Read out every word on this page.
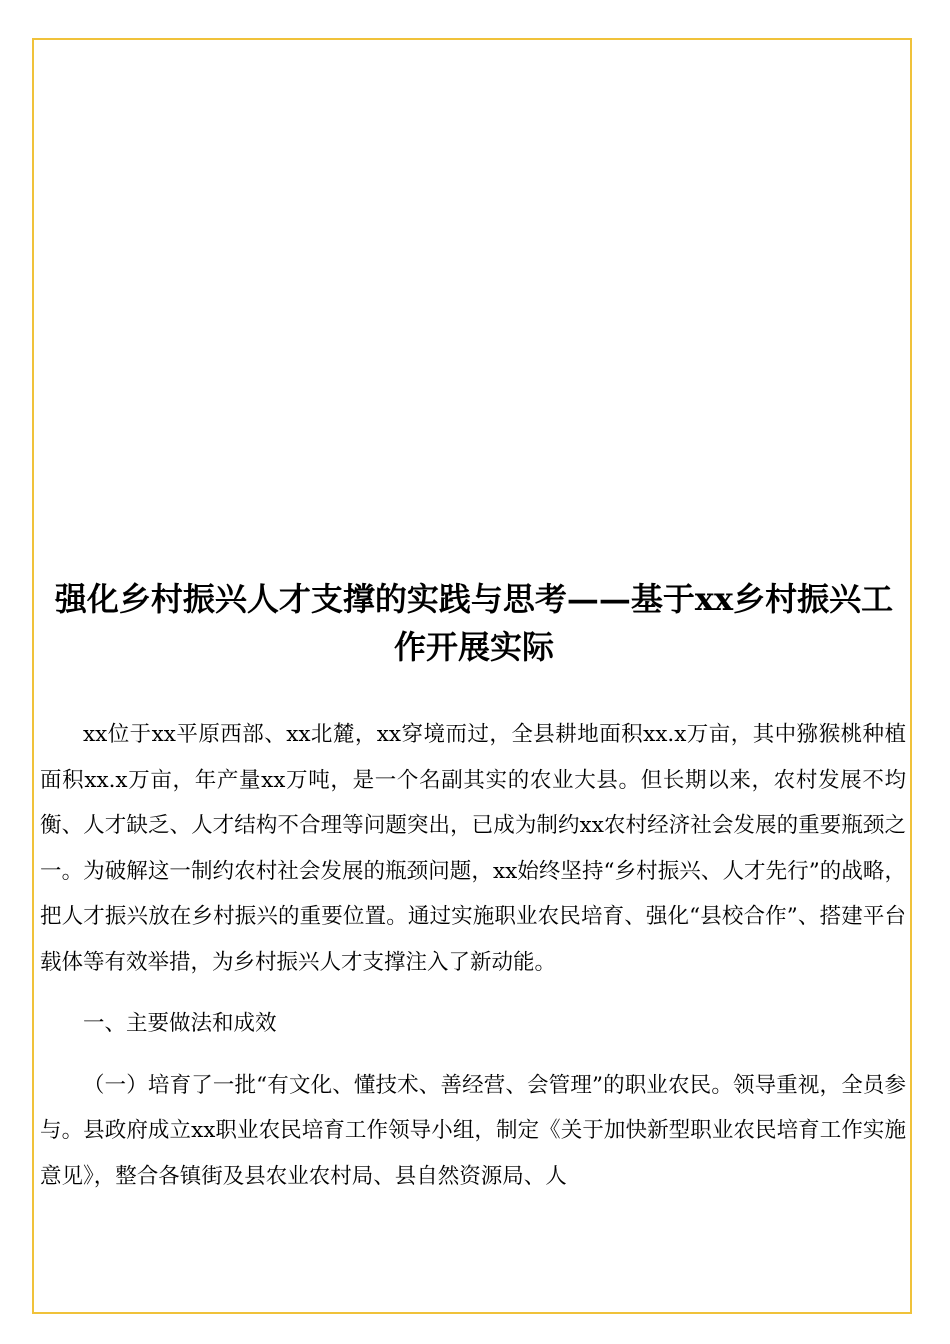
强化乡村振兴人才支撑的实践与思考——基于xx乡村振兴工作开展实际

xx位于xx平原西部、xx北麓，xx穿境而过，全县耕地面积xx.x万亩，其中猕猴桃种植面积xx.x万亩，年产量xx万吨，是一个名副其实的农业大县。但长期以来，农村发展不均衡、人才缺乏、人才结构不合理等问题突出，已成为制约xx农村经济社会发展的重要瓶颈之一。为破解这一制约农村社会发展的瓶颈问题，xx始终坚持“乡村振兴、人才先行”的战略，把人才振兴放在乡村振兴的重要位置。通过实施职业农民培育、强化“县校合作”、搭建平台载体等有效举措，为乡村振兴人才支撑注入了新动能。

一、主要做法和成效

（一）培育了一批“有文化、懂技术、善经营、会管理”的职业农民。领导重视，全员参与。县政府成立xx职业农民培育工作领导小组，制定《关于加快新型职业农民培育工作实施意见》，整合各镇街及县农业农村局、县自然资源局、人
